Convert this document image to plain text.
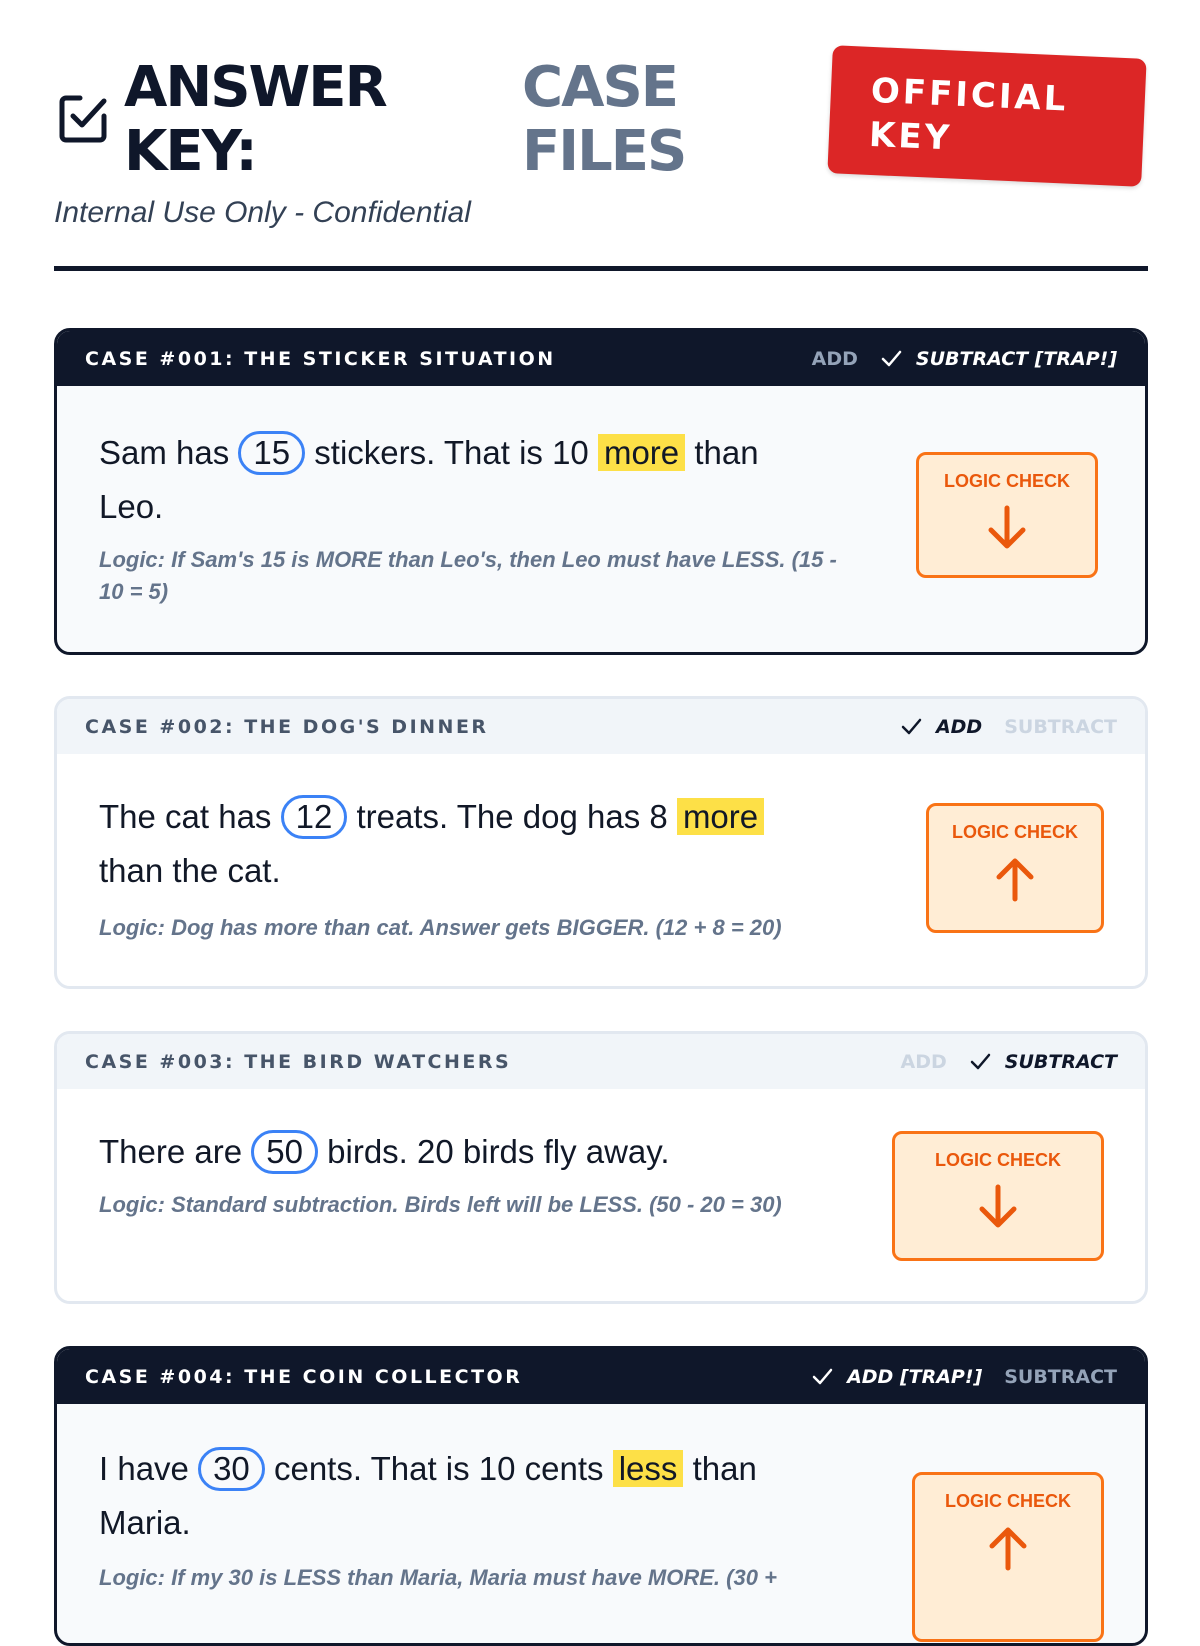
ANSWER
KEY:
CASE
FILES
Internal Use Only - Confidential
OFFICIAL
KEY
CASE #001: THE STICKER SITUATION	ADD	SUBTRACT [TRAP!]
Sam has 15 stickers. That is 10 more than Leo.
Logic: If Sam's 15 is MORE than Leo's, then Leo must have LESS. (15 - 10 = 5)
LOGIC CHECK
CASE #002: THE DOG'S DINNER	ADD SUBTRACT
The cat has 12 treats. The dog has 8 more than the cat.
Logic: Dog has more than cat. Answer gets BIGGER. (12 + 8 = 20)
LOGIC CHECK
CASE #003: THE BIRD WATCHERS	ADD	SUBTRACT
There are 50 birds. 20 birds fly away.
Logic: Standard subtraction. Birds left will be LESS. (50 - 20 = 30)
LOGIC CHECK
CASE #004: THE COIN COLLECTOR	ADD [TRAP!] SUBTRACT
I have 30 cents. That is 10 cents less than Maria.
Logic: If my 30 is LESS than Maria, Maria must have MORE. (30 +
LOGIC CHECK
